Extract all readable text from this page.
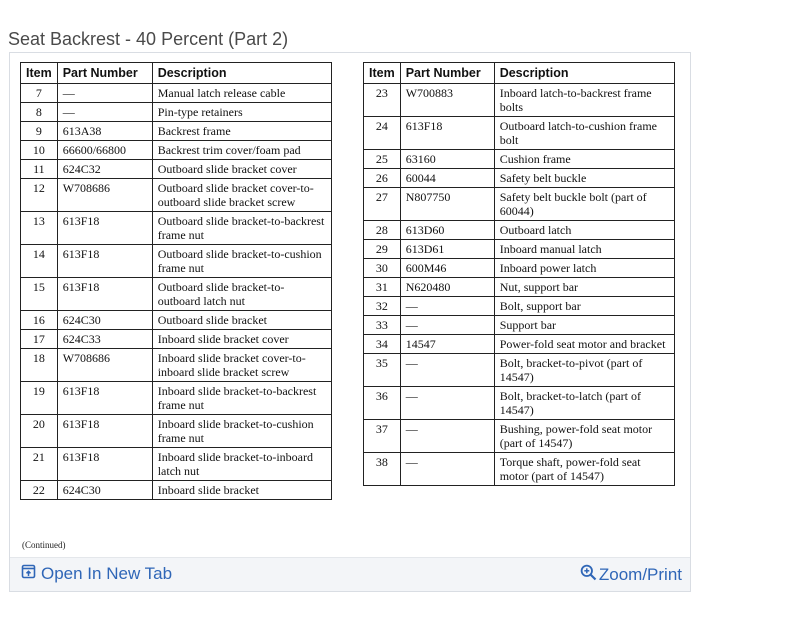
Seat Backrest - 40 Percent (Part 2)
Item	Part Number	Description
7	—	Manual latch release cable
8	—	Pin-type retainers
9	613A38	Backrest frame
10	66600/66800	Backrest trim cover/foam pad
11	624C32	Outboard slide bracket cover
12	W708686	Outboard slide bracket cover-to-outboard slide bracket screw
13	613F18	Outboard slide bracket-to-backrest frame nut
14	613F18	Outboard slide bracket-to-cushion frame nut
15	613F18	Outboard slide bracket-to-outboard latch nut
16	624C30	Outboard slide bracket
17	624C33	Inboard slide bracket cover
18	W708686	Inboard slide bracket cover-to-inboard slide bracket screw
19	613F18	Inboard slide bracket-to-backrest frame nut
20	613F18	Inboard slide bracket-to-cushion frame nut
21	613F18	Inboard slide bracket-to-inboard latch nut
22	624C30	Inboard slide bracket
Item	Part Number	Description
23	W700883	Inboard latch-to-backrest frame bolts
24	613F18	Outboard latch-to-cushion frame bolt
25	63160	Cushion frame
26	60044	Safety belt buckle
27	N807750	Safety belt buckle bolt (part of 60044)
28	613D60	Outboard latch
29	613D61	Inboard manual latch
30	600M46	Inboard power latch
31	N620480	Nut, support bar
32	—	Bolt, support bar
33	—	Support bar
34	14547	Power-fold seat motor and bracket
35	—	Bolt, bracket-to-pivot (part of 14547)
36	—	Bolt, bracket-to-latch (part of 14547)
37	—	Bushing, power-fold seat motor (part of 14547)
38	—	Torque shaft, power-fold seat motor (part of 14547)
(Continued)
Open In New Tab	Zoom/Print
